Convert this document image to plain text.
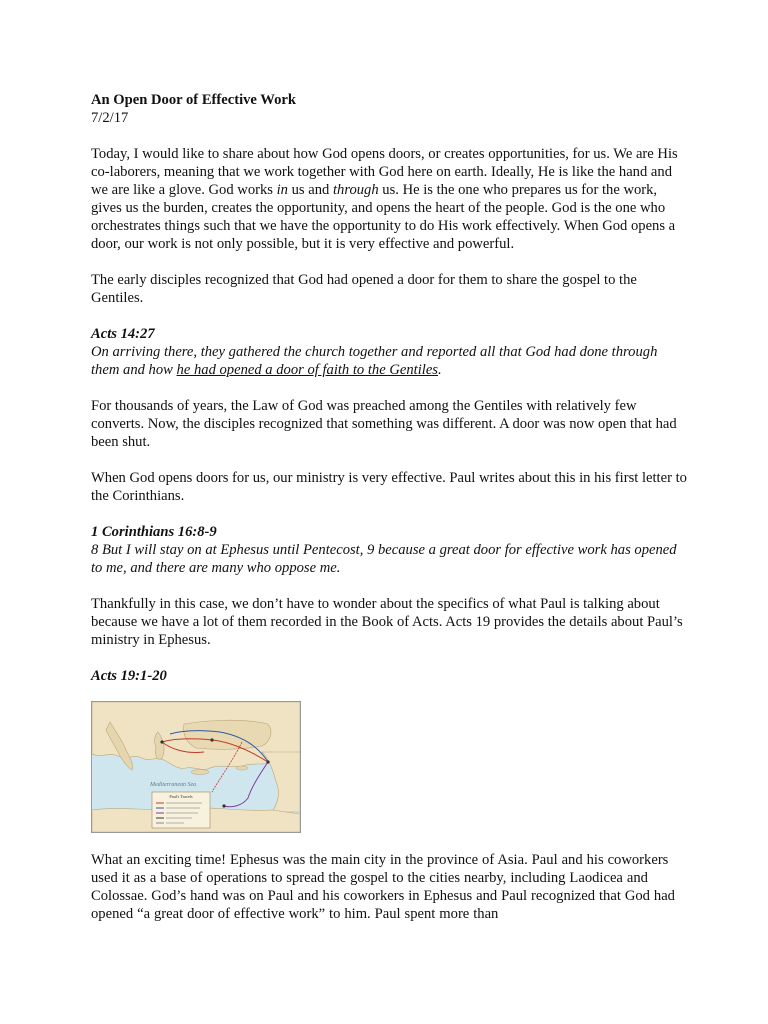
An Open Door of Effective Work

7/2/17

Today, I would like to share about how God opens doors, or creates opportunities, for us. We are His co-laborers, meaning that we work together with God here on earth. Ideally, He is like the hand and we are like a glove. God works in us and through us. He is the one who prepares us for the work, gives us the burden, creates the opportunity, and opens the heart of the people. God is the one who orchestrates things such that we have the opportunity to do His work effectively. When God opens a door, our work is not only possible, but it is very effective and powerful.

The early disciples recognized that God had opened a door for them to share the gospel to the Gentiles.

Acts 14:27

On arriving there, they gathered the church together and reported all that God had done through them and how he had opened a door of faith to the Gentiles.

For thousands of years, the Law of God was preached among the Gentiles with relatively few converts. Now, the disciples recognized that something was different. A door was now open that had been shut.

When God opens doors for us, our ministry is very effective. Paul writes about this in his first letter to the Corinthians.

1 Corinthians 16:8-9

8 But I will stay on at Ephesus until Pentecost, 9 because a great door for effective work has opened to me, and there are many who oppose me.

Thankfully in this case, we don’t have to wonder about the specifics of what Paul is talking about because we have a lot of them recorded in the Book of Acts. Acts 19 provides the details about Paul’s ministry in Ephesus.

Acts 19:1-20

Mediterranean Sea
Paul's Travels

What an exciting time! Ephesus was the main city in the province of Asia. Paul and his coworkers used it as a base of operations to spread the gospel to the cities nearby, including Laodicea and Colossae. God’s hand was on Paul and his coworkers in Ephesus and Paul recognized that God had opened “a great door of effective work” to him. Paul spent more than
